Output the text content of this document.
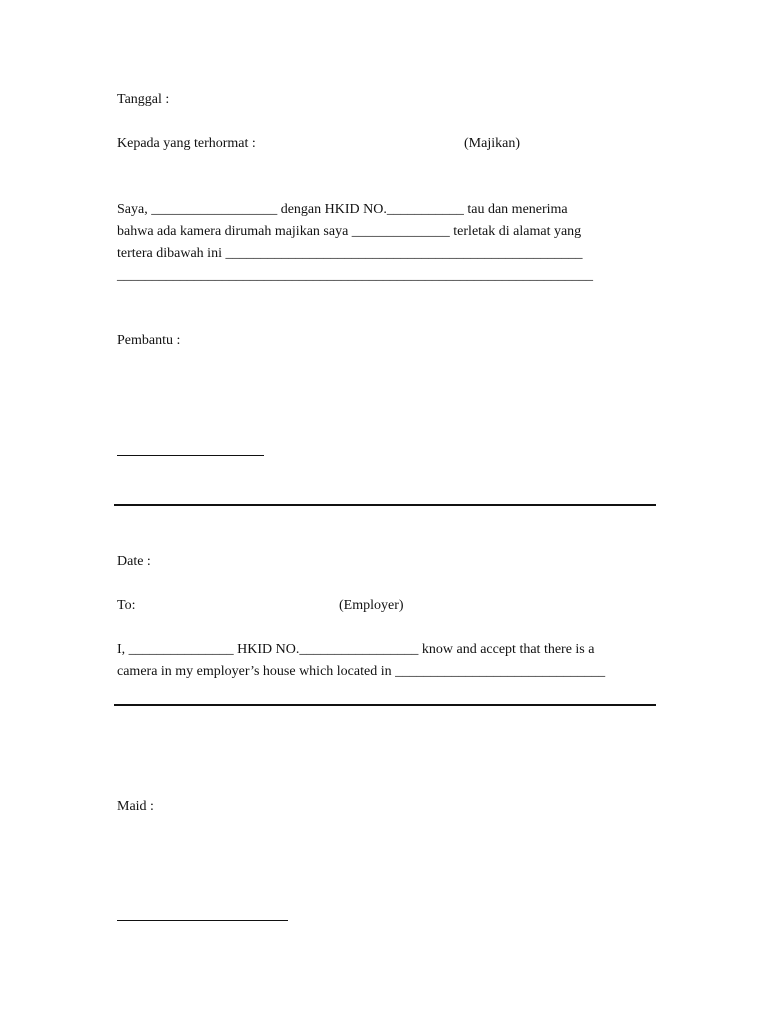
Tanggal :
Kepada yang terhormat :	(Majikan)
Saya, __________________ dengan HKID NO.___________ tau dan menerima
bahwa ada kamera dirumah majikan saya ______________ terletak di alamat yang
tertera dibawah ini ___________________________________________________
____________________________________________________________________
Pembantu :
Date :
To:	(Employer)
I, _______________ HKID NO._________________ know and accept that there is a
camera in my employer’s house which located in ______________________________
Maid :
